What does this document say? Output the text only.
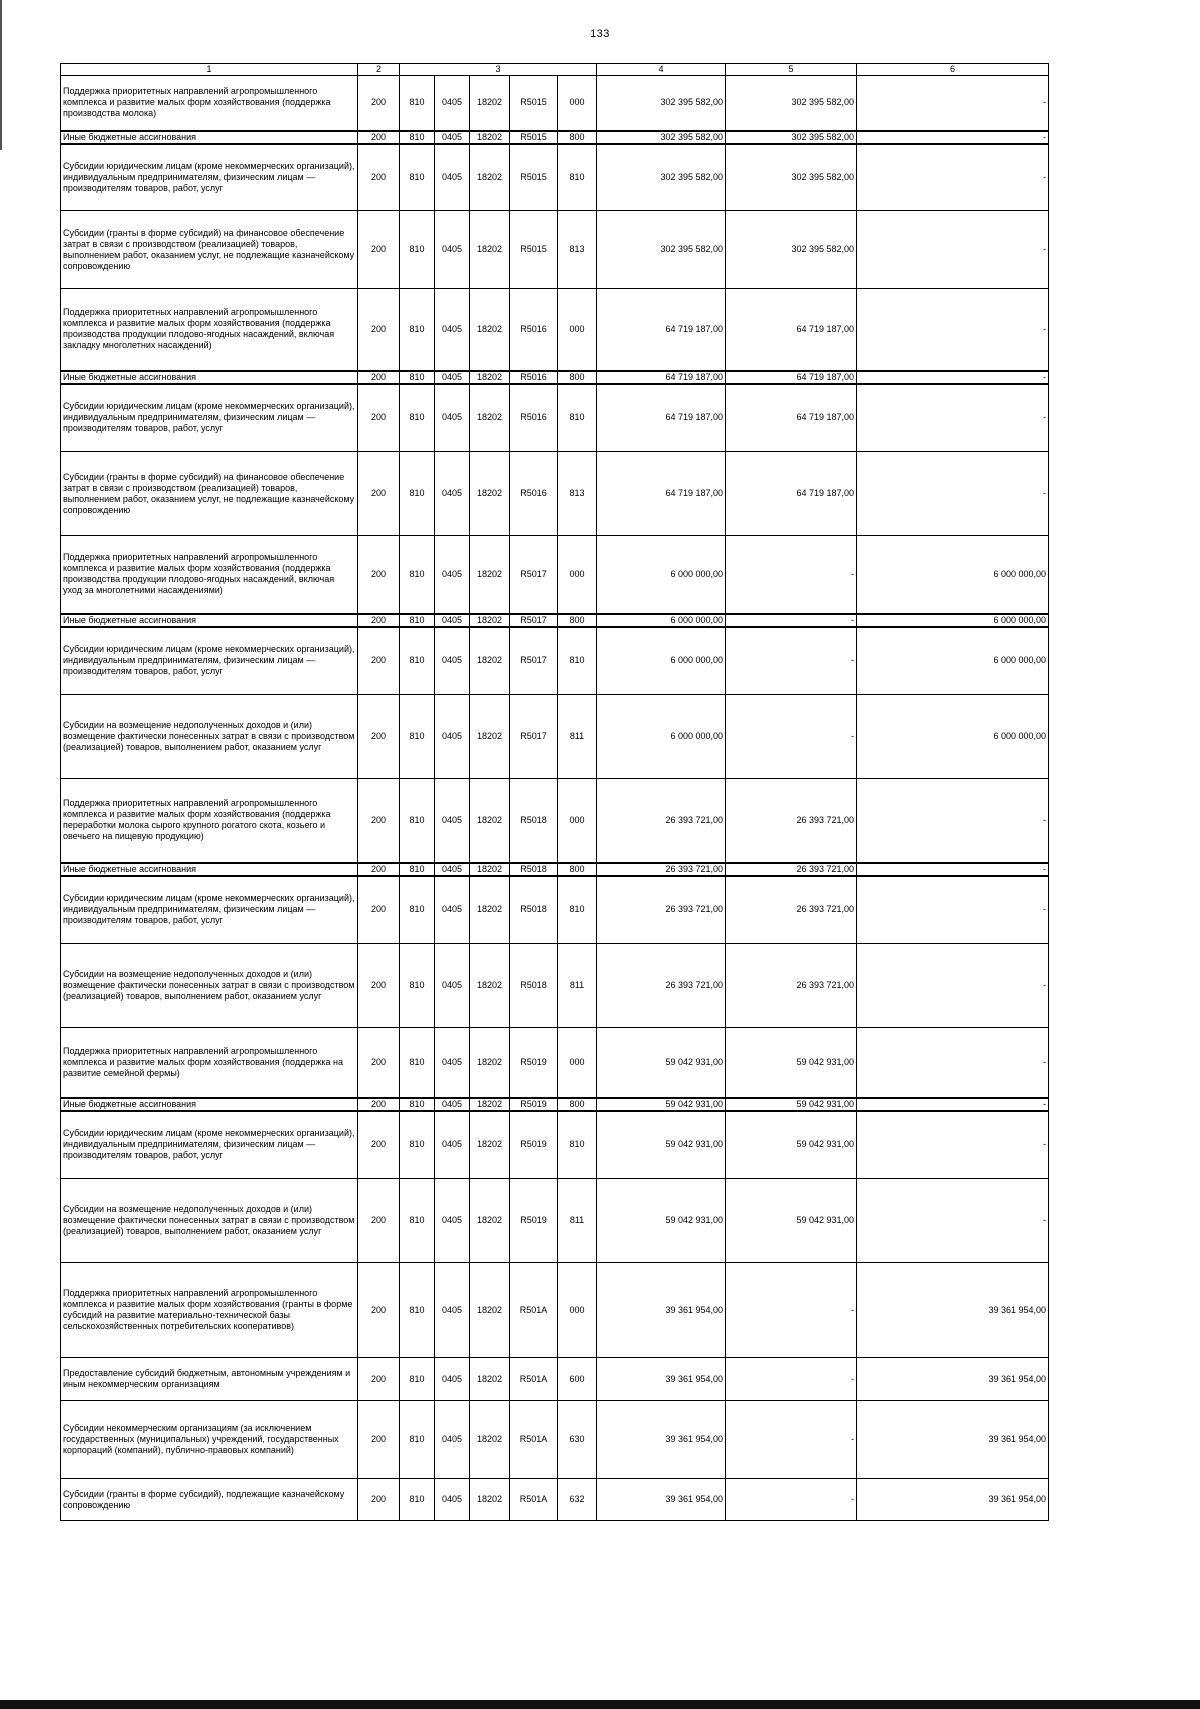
133
1	2	3					4	5	6
Поддержка приоритетных направлений агропромышленного комплекса и развитие малых форм хозяйствования (поддержка производства молока)	200	810	0405	18202	R5015	000	302 395 582,00	302 395 582,00	-
Иные бюджетные ассигнования	200	810	0405	18202	R5015	800	302 395 582,00	302 395 582,00	-
Субсидии юридическим лицам (кроме некоммерческих организаций), индивидуальным предпринимателям, физическим лицам — производителям товаров, работ, услуг	200	810	0405	18202	R5015	810	302 395 582,00	302 395 582,00	-
Субсидии (гранты в форме субсидий) на финансовое обеспечение затрат в связи с производством (реализацией) товаров, выполнением работ, оказанием услуг, не подлежащие казначейскому сопровождению	200	810	0405	18202	R5015	813	302 395 582,00	302 395 582,00	-
Поддержка приоритетных направлений агропромышленного комплекса и развитие малых форм хозяйствования (поддержка производства продукции плодово-ягодных насаждений, включая закладку многолетних насаждений)	200	810	0405	18202	R5016	000	64 719 187,00	64 719 187,00	-
Иные бюджетные ассигнования	200	810	0405	18202	R5016	800	64 719 187,00	64 719 187,00	-
Субсидии юридическим лицам (кроме некоммерческих организаций), индивидуальным предпринимателям, физическим лицам — производителям товаров, работ, услуг	200	810	0405	18202	R5016	810	64 719 187,00	64 719 187,00	-
Субсидии (гранты в форме субсидий) на финансовое обеспечение затрат в связи с производством (реализацией) товаров, выполнением работ, оказанием услуг, не подлежащие казначейскому сопровождению	200	810	0405	18202	R5016	813	64 719 187,00	64 719 187,00	-
Поддержка приоритетных направлений агропромышленного комплекса и развитие малых форм хозяйствования (поддержка производства продукции плодово-ягодных насаждений, включая уход за многолетними насаждениями)	200	810	0405	18202	R5017	000	6 000 000,00	-	6 000 000,00
Иные бюджетные ассигнования	200	810	0405	18202	R5017	800	6 000 000,00	-	6 000 000,00
Субсидии юридическим лицам (кроме некоммерческих организаций), индивидуальным предпринимателям, физическим лицам — производителям товаров, работ, услуг	200	810	0405	18202	R5017	810	6 000 000,00	-	6 000 000,00
Субсидии на возмещение недополученных доходов и (или) возмещение фактически понесенных затрат в связи с производством (реализацией) товаров, выполнением работ, оказанием услуг	200	810	0405	18202	R5017	811	6 000 000,00	-	6 000 000,00
Поддержка приоритетных направлений агропромышленного комплекса и развитие малых форм хозяйствования (поддержка переработки молока сырого крупного рогатого скота, козьего и овечьего на пищевую продукцию)	200	810	0405	18202	R5018	000	26 393 721,00	26 393 721,00	-
Иные бюджетные ассигнования	200	810	0405	18202	R5018	800	26 393 721,00	26 393 721,00	-
Субсидии юридическим лицам (кроме некоммерческих организаций), индивидуальным предпринимателям, физическим лицам — производителям товаров, работ, услуг	200	810	0405	18202	R5018	810	26 393 721,00	26 393 721,00	-
Субсидии на возмещение недополученных доходов и (или) возмещение фактически понесенных затрат в связи с производством (реализацией) товаров, выполнением работ, оказанием услуг	200	810	0405	18202	R5018	811	26 393 721,00	26 393 721,00	-
Поддержка приоритетных направлений агропромышленного комплекса и развитие малых форм хозяйствования (поддержка на развитие семейной фермы)	200	810	0405	18202	R5019	000	59 042 931,00	59 042 931,00	-
Иные бюджетные ассигнования	200	810	0405	18202	R5019	800	59 042 931,00	59 042 931,00	-
Субсидии юридическим лицам (кроме некоммерческих организаций), индивидуальным предпринимателям, физическим лицам — производителям товаров, работ, услуг	200	810	0405	18202	R5019	810	59 042 931,00	59 042 931,00	-
Субсидии на возмещение недополученных доходов и (или) возмещение фактически понесенных затрат в связи с производством (реализацией) товаров, выполнением работ, оказанием услуг	200	810	0405	18202	R5019	811	59 042 931,00	59 042 931,00	-
Поддержка приоритетных направлений агропромышленного комплекса и развитие малых форм хозяйствования (гранты в форме субсидий на развитие материально-технической базы сельскохозяйственных потребительских кооперативов)	200	810	0405	18202	R501A	000	39 361 954,00	-	39 361 954,00
Предоставление субсидий бюджетным, автономным учреждениям и иным некоммерческим организациям	200	810	0405	18202	R501A	600	39 361 954,00	-	39 361 954,00
Субсидии некоммерческим организациям (за исключением государственных (муниципальных) учреждений, государственных корпораций (компаний), публично-правовых компаний)	200	810	0405	18202	R501A	630	39 361 954,00	-	39 361 954,00
Субсидии (гранты в форме субсидий), подлежащие казначейскому сопровождению	200	810	0405	18202	R501A	632	39 361 954,00	-	39 361 954,00
